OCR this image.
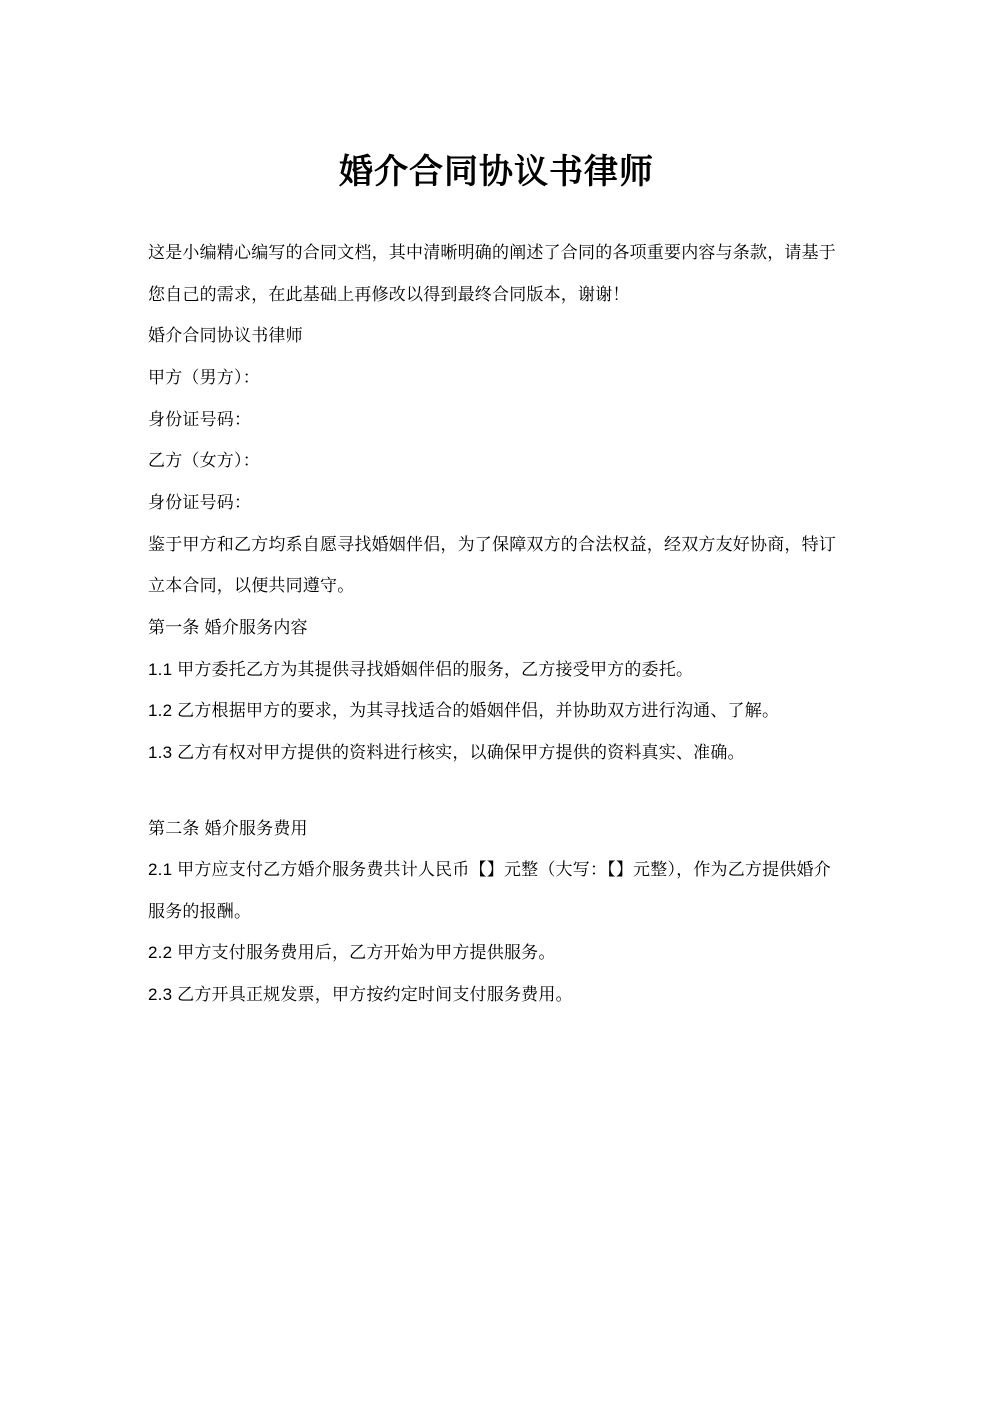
婚介合同协议书律师

这是小编精心编写的合同文档，其中清晰明确的阐述了合同的各项重要内容与条款，请基于您自己的需求，在此基础上再修改以得到最终合同版本，谢谢！

婚介合同协议书律师

甲方（男方）：

身份证号码：

乙方（女方）：

身份证号码：

鉴于甲方和乙方均系自愿寻找婚姻伴侣，为了保障双方的合法权益，经双方友好协商，特订立本合同，以便共同遵守。

第一条 婚介服务内容

1.1 甲方委托乙方为其提供寻找婚姻伴侣的服务，乙方接受甲方的委托。

1.2 乙方根据甲方的要求，为其寻找适合的婚姻伴侣，并协助双方进行沟通、了解。

1.3 乙方有权对甲方提供的资料进行核实，以确保甲方提供的资料真实、准确。

第二条 婚介服务费用

2.1 甲方应支付乙方婚介服务费共计人民币【】元整（大写：【】元整），作为乙方提供婚介服务的报酬。

2.2 甲方支付服务费用后，乙方开始为甲方提供服务。

2.3 乙方开具正规发票，甲方按约定时间支付服务费用。
